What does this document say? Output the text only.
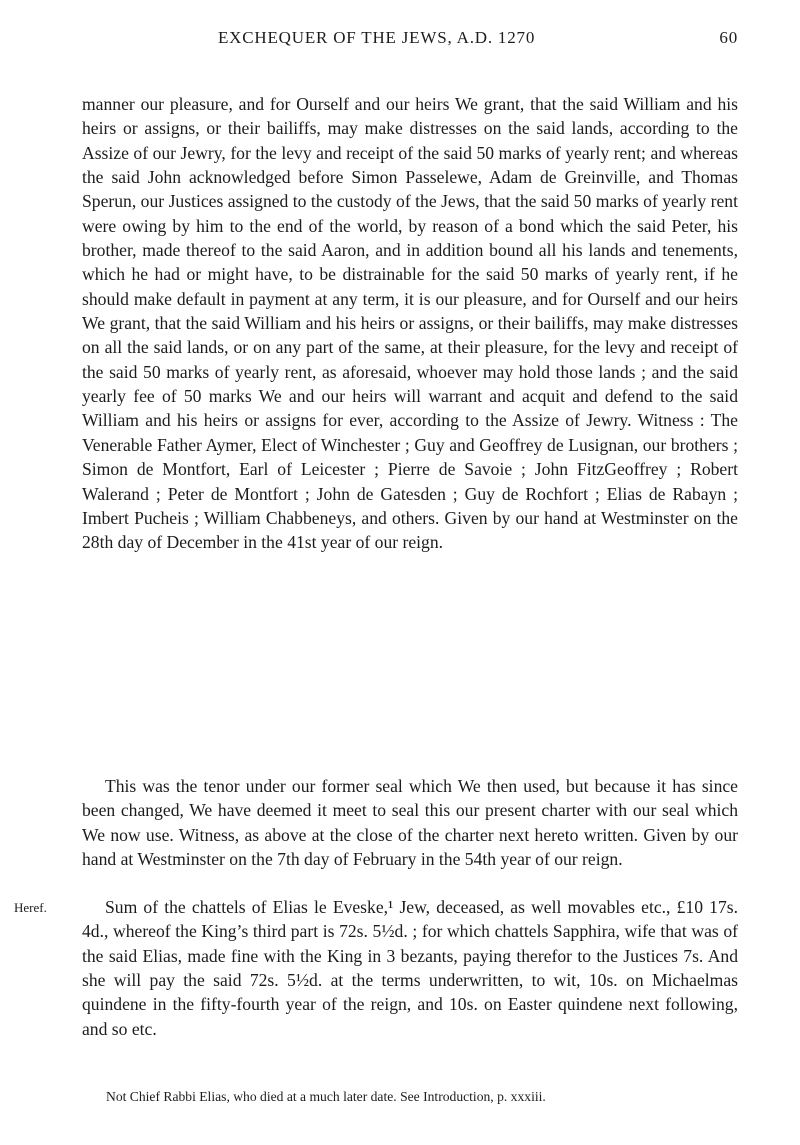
EXCHEQUER OF THE JEWS, A.D. 1270	60

manner our pleasure, and for Ourself and our heirs We grant, that the said William and his heirs or assigns, or their bailiffs, may make distresses on the said lands, according to the Assize of our Jewry, for the levy and receipt of the said 50 marks of yearly rent; and whereas the said John acknowledged before Simon Passelewe, Adam de Greinville, and Thomas Sperun, our Justices assigned to the custody of the Jews, that the said 50 marks of yearly rent were owing by him to the end of the world, by reason of a bond which the said Peter, his brother, made thereof to the said Aaron, and in addition bound all his lands and tenements, which he had or might have, to be distrainable for the said 50 marks of yearly rent, if he should make default in payment at any term, it is our pleasure, and for Ourself and our heirs We grant, that the said William and his heirs or assigns, or their bailiffs, may make distresses on all the said lands, or on any part of the same, at their pleasure, for the levy and receipt of the said 50 marks of yearly rent, as aforesaid, whoever may hold those lands ; and the said yearly fee of 50 marks We and our heirs will warrant and acquit and defend to the said William and his heirs or assigns for ever, according to the Assize of Jewry. Witness : The Venerable Father Aymer, Elect of Winchester ; Guy and Geoffrey de Lusignan, our brothers ; Simon de Montfort, Earl of Leicester ; Pierre de Savoie ; John FitzGeoffrey ; Robert Walerand ; Peter de Montfort ; John de Gatesden ; Guy de Rochfort ; Elias de Rabayn ; Imbert Pucheis ; William Chabbeneys, and others. Given by our hand at Westminster on the 28th day of December in the 41st year of our reign.

This was the tenor under our former seal which We then used, but because it has since been changed, We have deemed it meet to seal this our present charter with our seal which We now use. Witness, as above at the close of the charter next hereto written. Given by our hand at Westminster on the 7th day of February in the 54th year of our reign.

Heref.	Sum of the chattels of Elias le Eveske,¹ Jew, deceased, as well movables etc., £10 17s. 4d., whereof the King’s third part is 72s. 5½d. ; for which chattels Sapphira, wife that was of the said Elias, made fine with the King in 3 bezants, paying therefor to the Justices 7s. And she will pay the said 72s. 5½d. at the terms underwritten, to wit, 10s. on Michaelmas quindene in the fifty-fourth year of the reign, and 10s. on Easter quindene next following, and so etc.

Not Chief Rabbi Elias, who died at a much later date. See Introduction, p. xxxiii.
